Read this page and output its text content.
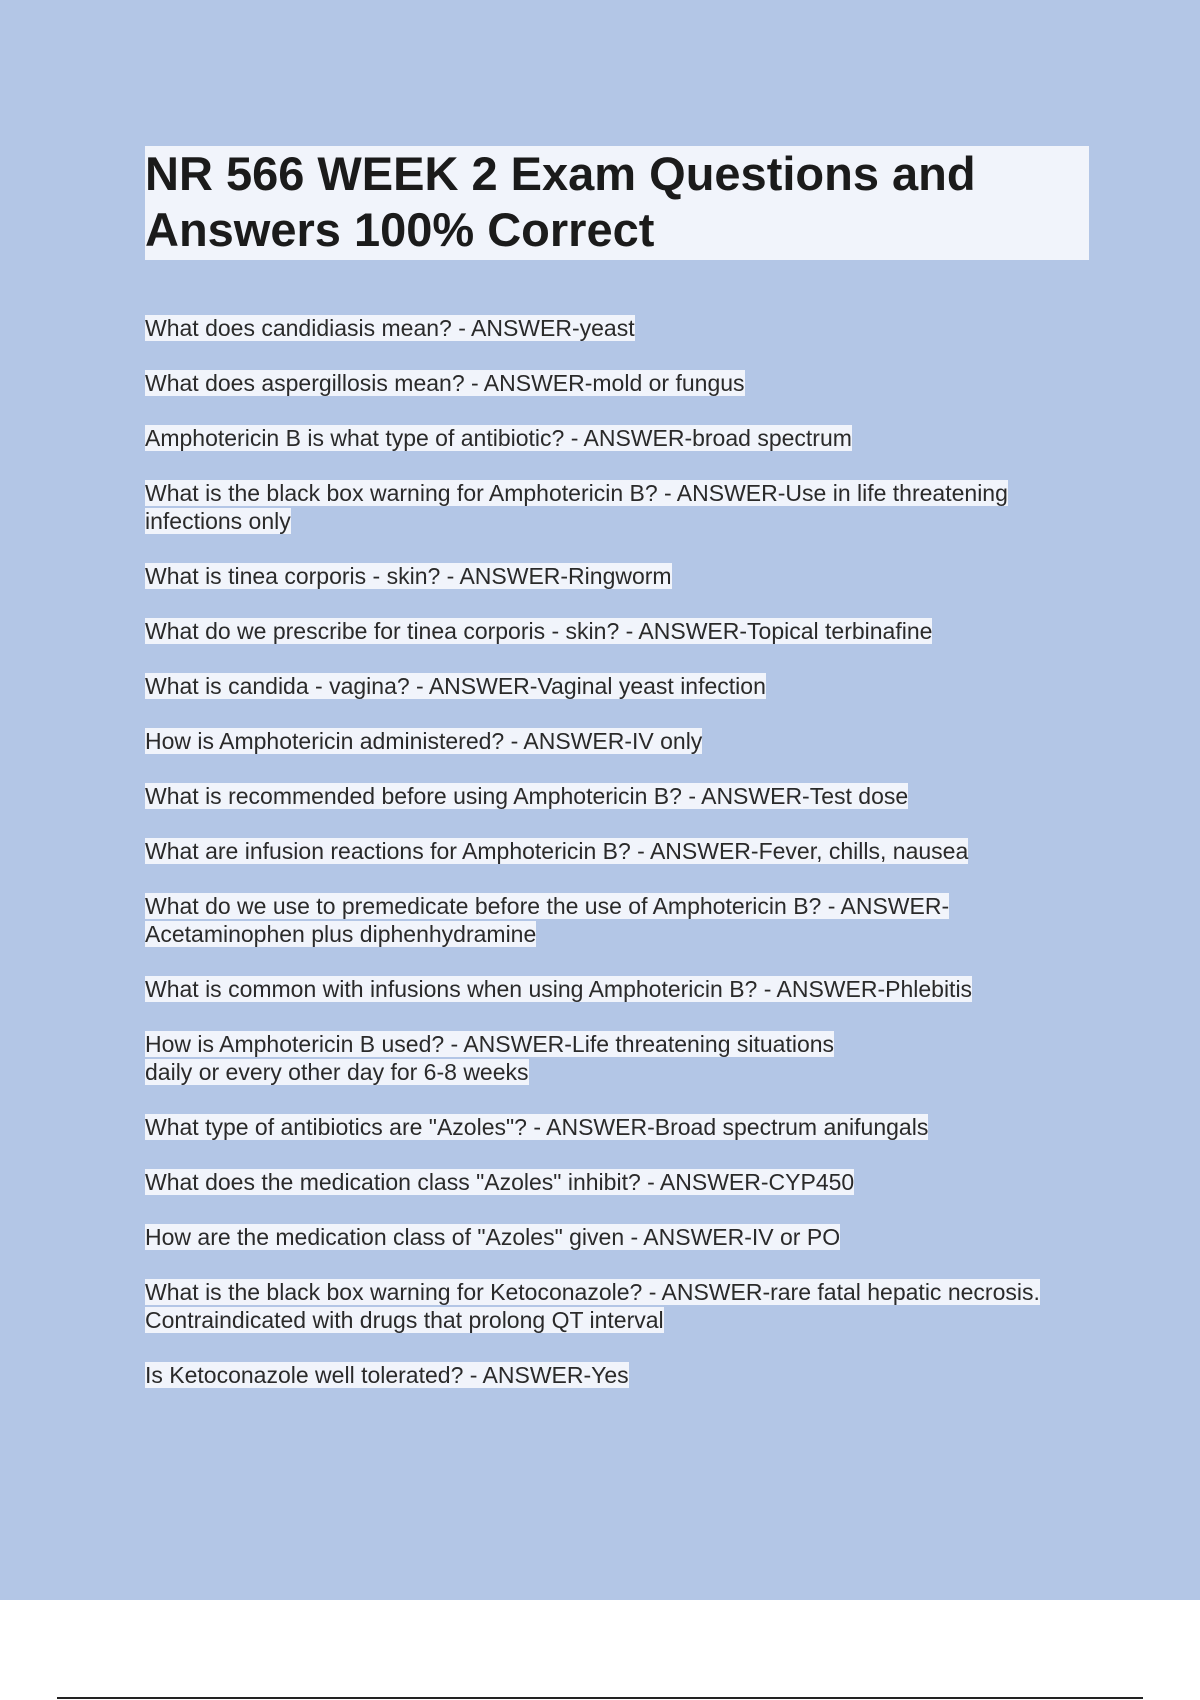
NR 566 WEEK 2 Exam Questions and
Answers 100% Correct

What does candidiasis mean? - ANSWER-yeast

What does aspergillosis mean? - ANSWER-mold or fungus

Amphotericin B is what type of antibiotic? - ANSWER-broad spectrum

What is the black box warning for Amphotericin B? - ANSWER-Use in life threatening
infections only

What is tinea corporis - skin? - ANSWER-Ringworm

What do we prescribe for tinea corporis - skin? - ANSWER-Topical terbinafine

What is candida - vagina? - ANSWER-Vaginal yeast infection

How is Amphotericin administered? - ANSWER-IV only

What is recommended before using Amphotericin B? - ANSWER-Test dose

What are infusion reactions for Amphotericin B? - ANSWER-Fever, chills, nausea

What do we use to premedicate before the use of Amphotericin B? - ANSWER-
Acetaminophen plus diphenhydramine

What is common with infusions when using Amphotericin B? - ANSWER-Phlebitis

How is Amphotericin B used? - ANSWER-Life threatening situations
daily or every other day for 6-8 weeks

What type of antibiotics are "Azoles"? - ANSWER-Broad spectrum anifungals

What does the medication class "Azoles" inhibit? - ANSWER-CYP450

How are the medication class of "Azoles" given - ANSWER-IV or PO

What is the black box warning for Ketoconazole? - ANSWER-rare fatal hepatic necrosis.
Contraindicated with drugs that prolong QT interval

Is Ketoconazole well tolerated? - ANSWER-Yes
